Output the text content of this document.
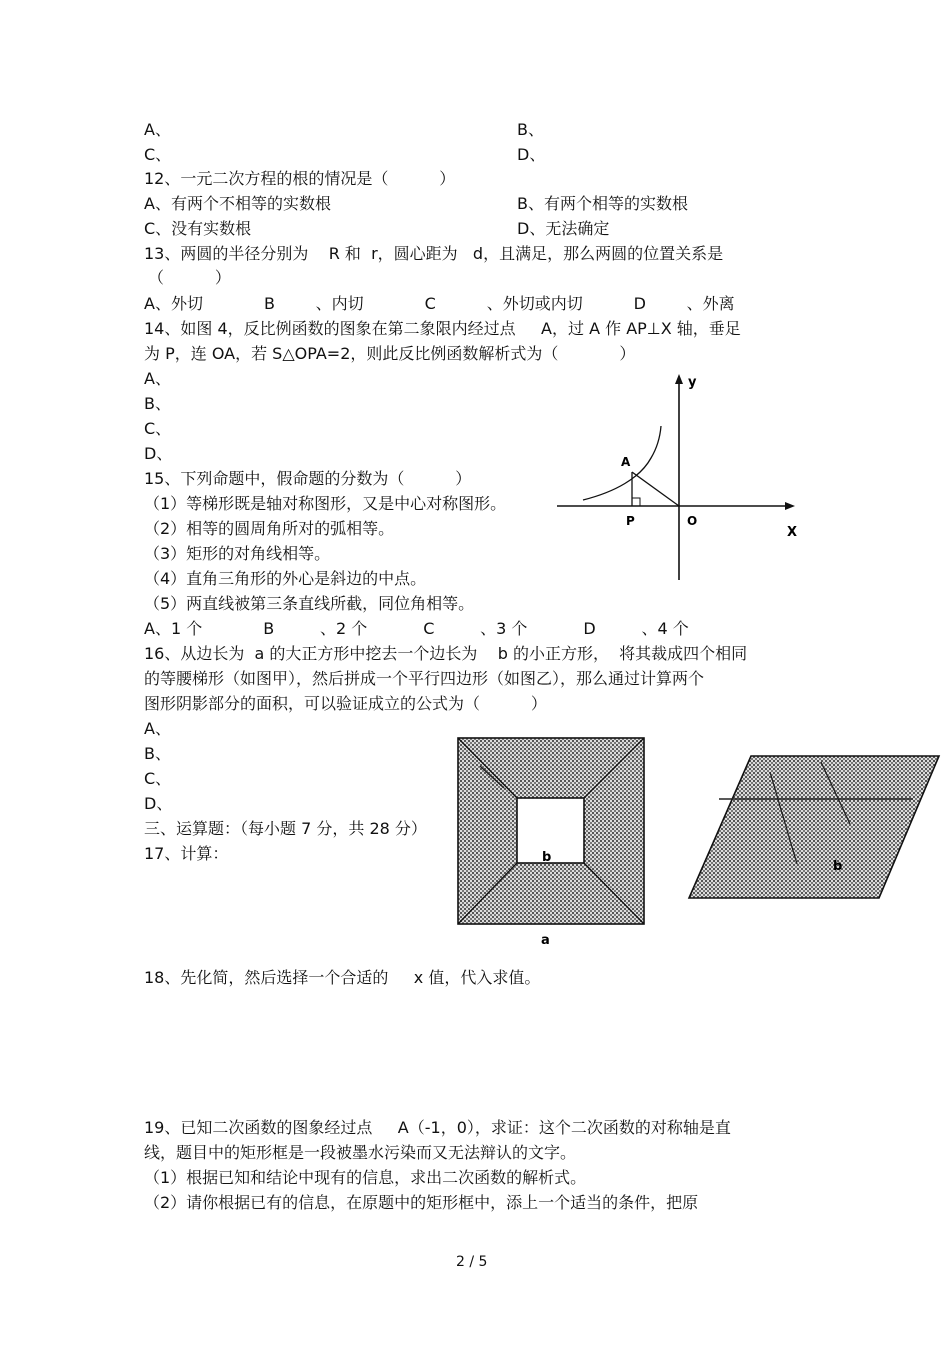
A、	B、
C、	D、
12、一元二次方程的根的情况是（          ）
A、有两个不相等的实数根	B、有两个相等的实数根
C、没有实数根	D、无法确定
13、两圆的半径分别为    R 和  r，圆心距为   d，且满足，那么两圆的位置关系是
（          ）
A、外切            B        、内切            C          、外切或内切          D        、外离
14、如图 4，反比例函数的图象在第二象限内经过点     A，过 A 作 AP⊥X 轴，垂足
为 P，连 OA，若 S△OPA=2，则此反比例函数解析式为（            ）
A、
B、
C、
D、
y
X
A
P	O
15、下列命题中，假命题的分数为（          ）
（1）等梯形既是轴对称图形，又是中心对称图形。
（2）相等的圆周角所对的弧相等。
（3）矩形的对角线相等。
（4）直角三角形的外心是斜边的中点。
（5）两直线被第三条直线所截，同位角相等。
A、1 个            B         、2 个           C         、3 个           D         、4 个
16、从边长为  a 的大正方形中挖去一个边长为    b 的小正方形，  将其裁成四个相同
的等腰梯形（如图甲），然后拼成一个平行四边形（如图乙），那么通过计算两个
图形阴影部分的面积，可以验证成立的公式为（          ）
A、
B、
C、
D、
b
a
b
三、运算题：（每小题 7 分，共 28 分）
17、计算：
18、先化简，然后选择一个合适的     x 值，代入求值。
19、已知二次函数的图象经过点     A（-1，0），求证：这个二次函数的对称轴是直
线，题目中的矩形框是一段被墨水污染而又无法辩认的文字。
（1）根据已知和结论中现有的信息，求出二次函数的解析式。
（2）请你根据已有的信息，在原题中的矩形框中，添上一个适当的条件，把原
2 / 5
